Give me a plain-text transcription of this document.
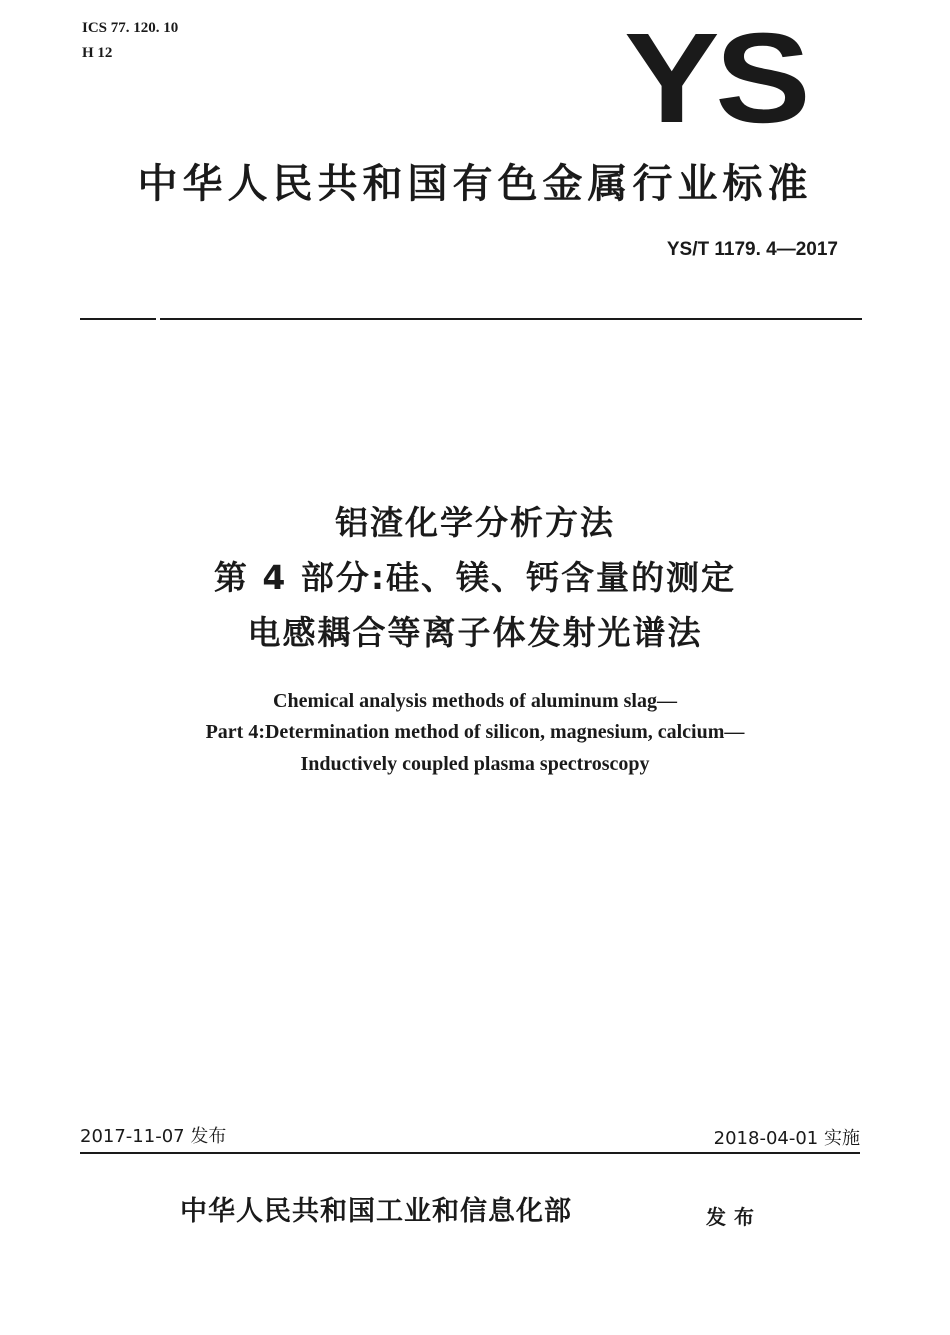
ICS 77. 120. 10
H 12	YS
中华人民共和国有色金属行业标准
YS/T 1179. 4—2017
铝渣化学分析方法
第 4 部分:硅、镁、钙含量的测定
电感耦合等离子体发射光谱法
Chemical analysis methods of aluminum slag—
Part 4:Determination method of silicon, magnesium, calcium—
Inductively coupled plasma spectroscopy
2017-11-07 发布	2018-04-01 实施
中华人民共和国工业和信息化部	发布
